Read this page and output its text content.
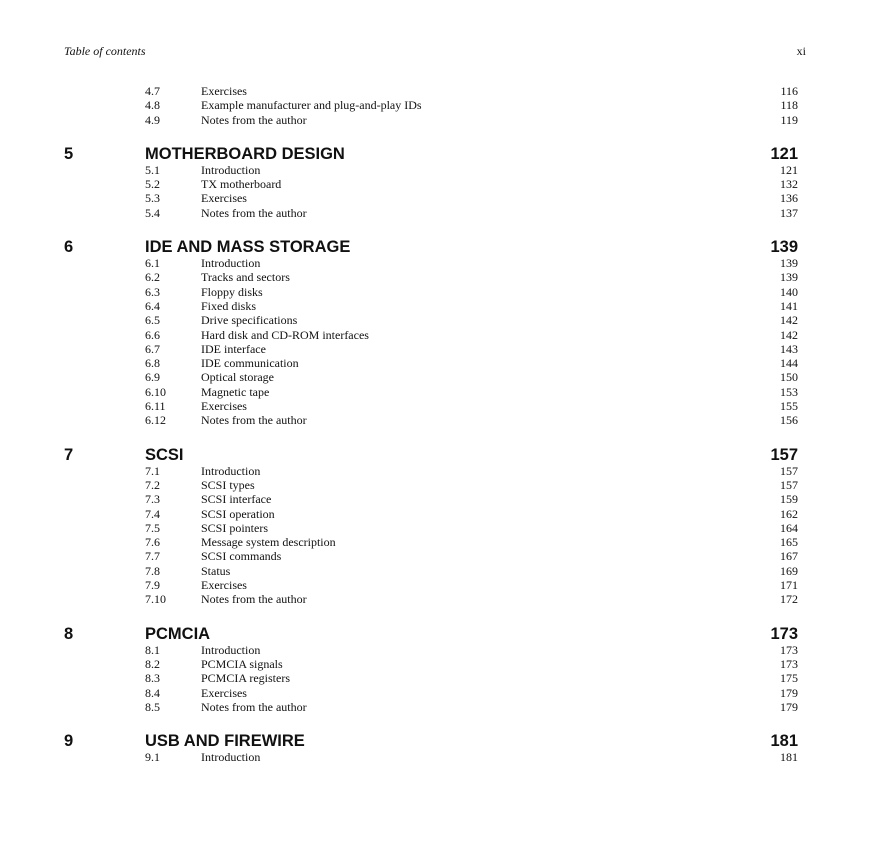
Table of contents	xi
4.7	Exercises	116
4.8	Example manufacturer and plug-and-play IDs	118
4.9	Notes from the author	119
5	MOTHERBOARD DESIGN	121
5.1	Introduction	121
5.2	TX motherboard	132
5.3	Exercises	136
5.4	Notes from the author	137
6	IDE AND MASS STORAGE	139
6.1	Introduction	139
6.2	Tracks and sectors	139
6.3	Floppy disks	140
6.4	Fixed disks	141
6.5	Drive specifications	142
6.6	Hard disk and CD-ROM interfaces	142
6.7	IDE interface	143
6.8	IDE communication	144
6.9	Optical storage	150
6.10	Magnetic tape	153
6.11	Exercises	155
6.12	Notes from the author	156
7	SCSI	157
7.1	Introduction	157
7.2	SCSI types	157
7.3	SCSI interface	159
7.4	SCSI operation	162
7.5	SCSI pointers	164
7.6	Message system description	165
7.7	SCSI commands	167
7.8	Status	169
7.9	Exercises	171
7.10	Notes from the author	172
8	PCMCIA	173
8.1	Introduction	173
8.2	PCMCIA signals	173
8.3	PCMCIA registers	175
8.4	Exercises	179
8.5	Notes from the author	179
9	USB AND FIREWIRE	181
9.1	Introduction	181
